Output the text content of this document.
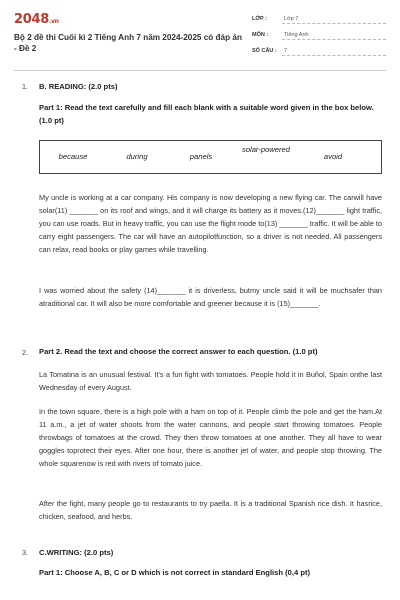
2048.vn
Bộ 2 đề thi Cuối kì 2 Tiếng Anh 7 năm 2024-2025 có đáp án - Đề 2
LỚP :	Lớp 7
MÔN :	Tiếng Anh
SỐ CÂU :	7
1. B. READING: (2.0 pts)
Part 1: Read the text carefully and fill each blank with a suitable word given in the box below. (1.0 pt)
because	during	panels
solar-powered
avoid

My uncle is working at a car company. His company is now developing a new flying car. The carwill have solar(11) _______ on its roof and wings, and it will charge its battery as it moves.(12)_______ light traffic, you can use roads. But in heavy traffic, you can use the flight mode to(13) _______ traffic. It will be able to carry eight passengers. The car will have an autopilotfunction, so a driver is not needed. All passengers can relax, read books or play games while travelling.

I was worried about the safety (14)_______ it is driverless, butmy uncle said it will be muchsafer than atraditional car. It will also be more comfortable and greener because it is (15)_______.

2. Part 2. Read the text and choose the correct answer to each question. (1.0 pt)

La Tomatina is an unusual festival. It's a fun fight with tomatoes. People hold it in Buñol, Spain onthe last Wednesday of every August.

In the town square, there is a high pole with a ham on top of it. People climb the pole and get the ham.At 11 a.m., a jet of water shoots from the water cannons, and people start throwing tomatoes. People throwbags of tomatoes at the crowd. They then throw tomatoes at one another. They all have to wear goggles toprotect their eyes. After one hour, there is another jet of water, and people stop throwing. The whole squarenow is red with rivers of tomato juice.

After the fight, many people go to restaurants to try paella. It is a traditional Spanish rice dish. It hasrice, chicken, seafood, and herbs.

3. C.WRITING: (2.0 pts)
Part 1: Choose A, B, C or D which is not correct in standard English (0,4 pt)
